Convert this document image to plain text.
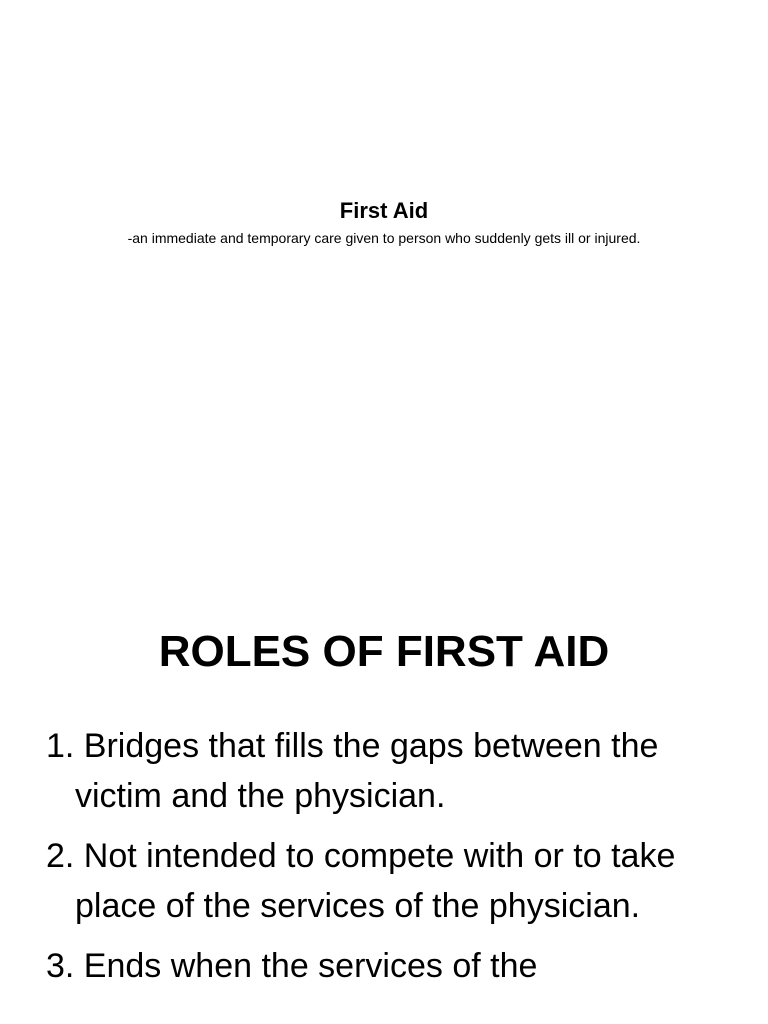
First Aid
-an immediate and temporary care given to person who suddenly gets ill or injured.
ROLES OF FIRST AID
1. Bridges that fills the gaps between the victim and the physician.
2. Not intended to compete with or to take place of the services of the physician.
3. Ends when the services of the
